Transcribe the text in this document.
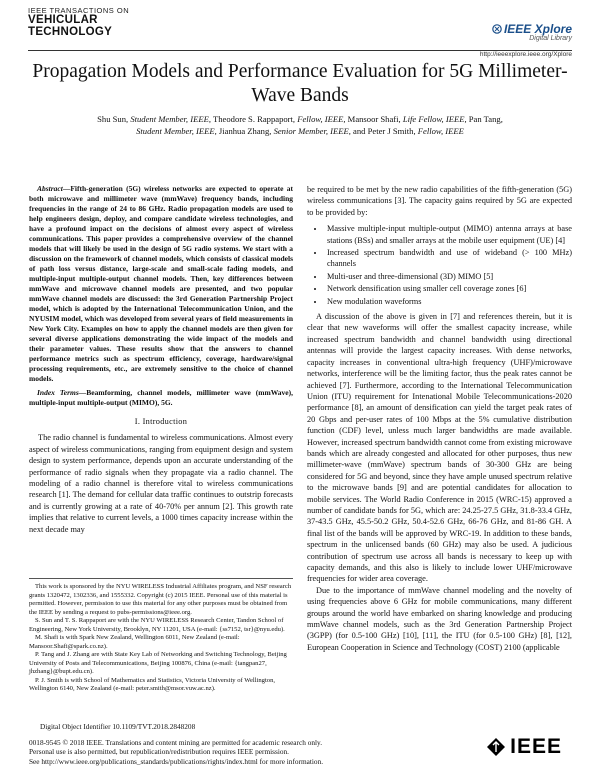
IEEE TRANSACTIONS ON
VEHICULAR
TECHNOLOGY	IEEE Xplore
Digital Library
http://ieeexplore.ieee.org/Xplore
Propagation Models and Performance Evaluation for 5G Millimeter-Wave Bands
Shu Sun, Student Member, IEEE, Theodore S. Rappaport, Fellow, IEEE, Mansoor Shafi, Life Fellow, IEEE, Pan Tang,
Student Member, IEEE, Jianhua Zhang, Senior Member, IEEE, and Peter J Smith, Fellow, IEEE
Abstract—Fifth-generation (5G) wireless networks are expected to operate at both microwave and millimeter wave (mmWave) frequency bands, including frequencies in the range of 24 to 86 GHz. Radio propagation models are used to help engineers design, deploy, and compare candidate wireless technologies, and have a profound impact on the decisions of almost every aspect of wireless communications. This paper provides a comprehensive overview of the channel models that will likely be used in the design of 5G radio systems. We start with a discussion on the framework of channel models, which consists of classical models of path loss versus distance, large-scale and small-scale fading models, and multiple-input multiple-output channel models. Then, key differences between mmWave and microwave channel models are presented, and two popular mmWave channel models are discussed: the 3rd Generation Partnership Project model, which is adopted by the International Telecommunication Union, and the NYUSIM model, which was developed from several years of field measurements in New York City. Examples on how to apply the channel models are then given for several diverse applications demonstrating the wide impact of the models and their parameter values. These results show that the answers to channel performance metrics such as spectrum efficiency, coverage, hardware/signal processing requirements, etc., are extremely sensitive to the choice of channel models.
Index Terms—Beamforming, channel models, millimeter wave (mmWave), multiple-input multiple-output (MIMO), 5G.
I. Introduction

The radio channel is fundamental to wireless communications. Almost every aspect of wireless communications, ranging from equipment design and system design to system performance, depends upon an accurate understanding of the performance of radio signals when they propagate via a radio channel. The modeling of a radio channel is therefore vital to wireless communications research [1]. The demand for cellular data traffic continues to outstrip forecasts and is currently growing at a rate of 40-70% per annum [2]. This growth rate implies that relative to current levels, a 1000 times capacity increase within the next decade may

This work is sponsored by the NYU WIRELESS Industrial Affiliates program, and NSF research grants 1320472, 1302336, and 1555332. Copyright (c) 2015 IEEE. Personal use of this material is permitted. However, permission to use this material for any other purposes must be obtained from the IEEE by sending a request to pubs-permissions@ieee.org.

S. Sun and T. S. Rappaport are with the NYU WIRELESS Research Center, Tandon School of Engineering, New York University, Brooklyn, NY 11201, USA (e-mail: {ss7152, tsr}@nyu.edu).

M. Shafi is with Spark New Zealand, Wellington 6011, New Zealand (e-mail: Mansoor.Shafi@spark.co.nz).

P. Tang and J. Zhang are with State Key Lab of Networking and Switching Technology, Beijing University of Posts and Telecommunications, Beijing 100876, China (e-mail: {tangpan27, jhzhang}@bupt.edu.cn).

P. J. Smith is with School of Mathematics and Statistics, Victoria University of Wellington, Wellington 6140, New Zealand (e-mail: peter.smith@msor.vuw.ac.nz).

be required to be met by the new radio capabilities of the fifth-generation (5G) wireless communications [3]. The capacity gains required by 5G are expected to be provided by:

• Massive multiple-input multiple-output (MIMO) antenna arrays at base stations (BSs) and smaller arrays at the mobile user equipment (UE) [4]
• Increased spectrum bandwidth and use of wideband (> 100 MHz) channels
• Multi-user and three-dimensional (3D) MIMO [5]
• Network densification using smaller cell coverage zones [6]
• New modulation waveforms

A discussion of the above is given in [7] and references therein, but it is clear that new waveforms will offer the smallest capacity increase, while increased spectrum bandwidth and channel bandwidth using directional antennas will provide the largest capacity increases. With dense networks, capacity increases in conventional ultra-high frequency (UHF)/microwave networks, interference will be the limiting factor, thus the peak rates cannot be achieved [7]. Furthermore, according to the International Telecommunication Union (ITU) requirement for Intenational Mobile Telecommunications-2020 performance [8], an amount of densification can yield the target peak rates of 20 Gbps and per-user rates of 100 Mbps at the 5% cumulative distribution function (CDF) level, unless much larger bandwidths are made available. However, increased spectrum bandwidth cannot come from existing microwave bands which are already congested and allocated for other purposes, thus new millimeter-wave (mmWave) spectrum bands of 30-300 GHz are being considered for 5G and beyond, since they have ample unused spectrum relative to the microwave bands [9] and are potential candidates for allocation to mobile services. The World Radio Conference in 2015 (WRC-15) approved a number of candidate bands for 5G, which are: 24.25-27.5 GHz, 31.8-33.4 GHz, 37-43.5 GHz, 45.5-50.2 GHz, 50.4-52.6 GHz, 66-76 GHz, and 81-86 GH. A final list of the bands will be approved by WRC-19. In addition to these bands, spectrum in the unlicensed bands (60 GHz) may also be used. A judicious contribution of spectrum use across all bands is necessary to keep up with capacity demands, and this also is likely to include lower UHF/microwave frequencies for wider area coverage.

Due to the importance of mmWave channel modeling and the novelty of using frequencies above 6 GHz for mobile communications, many different groups around the world have embarked on sharing knowledge and producing mmWave channel models, such as the 3rd Generation Partnership Project (3GPP) (for 0.5-100 GHz) [10], [11], the ITU (for 0.5-100 GHz) [8], [12], European Cooperation in Science and Technology (COST) 2100 (applicable

Digital Object Identifier 10.1109/TVT.2018.2848208
0018-9545 © 2018 IEEE. Translations and content mining are permitted for academic research only.
Personal use is also permitted, but republication/redistribution requires IEEE permission.
See http://www.ieee.org/publications_standards/publications/rights/index.html for more information.
IEEE
